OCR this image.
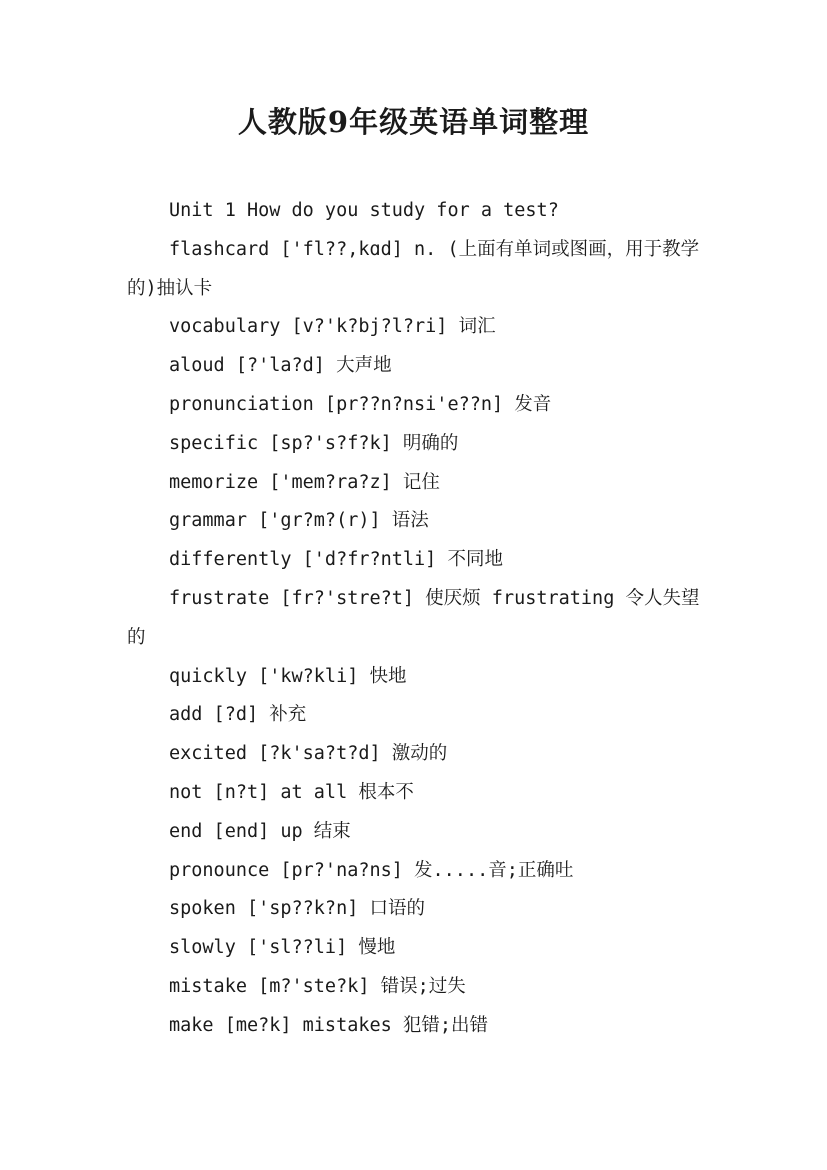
人教版9年级英语单词整理

Unit 1 How do you study for a test?

flashcard ['fl??,kɑd] n. (上面有单词或图画，用于教学的)抽认卡

vocabulary [v?'k?bj?l?ri] 词汇

aloud [?'la?d] 大声地

pronunciation [pr??n?nsi'e??n] 发音

specific [sp?'s?f?k] 明确的

memorize ['mem?ra?z] 记住

grammar ['gr?m?(r)] 语法

differently ['d?fr?ntli] 不同地

frustrate [fr?'stre?t] 使厌烦 frustrating 令人失望的

quickly ['kw?kli] 快地

add [?d] 补充

excited [?k'sa?t?d] 激动的

not [n?t] at all 根本不

end [end] up 结束

pronounce [pr?'na?ns] 发.....音;正确吐

spoken ['sp??k?n] 口语的

slowly ['sl??li] 慢地

mistake [m?'ste?k] 错误;过失

make [me?k] mistakes 犯错;出错
